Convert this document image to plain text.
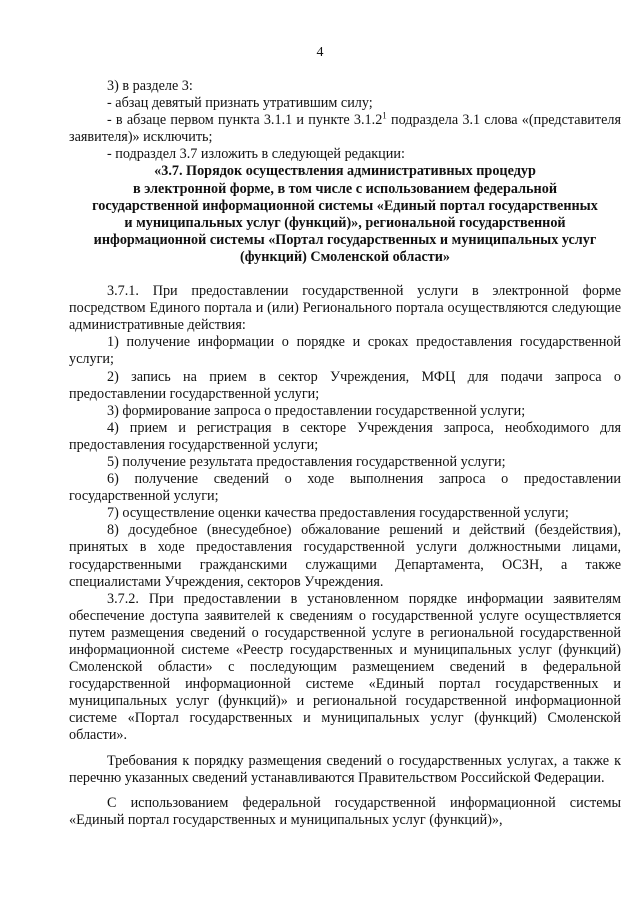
4

3) в разделе 3:

- абзац девятый признать утратившим силу;

- в абзаце первом пункта 3.1.1 и пункте 3.1.2$^1$ подраздела 3.1 слова «(представителя заявителя)» исключить;

- подраздел 3.7 изложить в следующей редакции:

«3.7. Порядок осуществления административных процедур

в электронной форме, в том числе с использованием федеральной

государственной информационной системы «Единый портал государственных

и муниципальных услуг (функций)», региональной государственной

информационной системы «Портал государственных и муниципальных услуг

(функций) Смоленской области»

3.7.1. При предоставлении государственной услуги в электронной форме посредством Единого портала и (или) Регионального портала осуществляются следующие административные действия:

1) получение информации о порядке и сроках предоставления государственной услуги;

2) запись на прием в сектор Учреждения, МФЦ для подачи запроса о предоставлении государственной услуги;

3) формирование запроса о предоставлении государственной услуги;

4) прием и регистрация в секторе Учреждения запроса, необходимого для предоставления государственной услуги;

5) получение результата предоставления государственной услуги;

6) получение сведений о ходе выполнения запроса о предоставлении государственной услуги;

7) осуществление оценки качества предоставления государственной услуги;

8) досудебное (внесудебное) обжалование решений и действий (бездействия), принятых в ходе предоставления государственной услуги должностными лицами, государственными гражданскими служащими Департамента, ОСЗН, а также специалистами Учреждения, секторов Учреждения.

3.7.2. При предоставлении в установленном порядке информации заявителям обеспечение доступа заявителей к сведениям о государственной услуге осуществляется путем размещения сведений о государственной услуге в региональной государственной информационной системе «Реестр государственных и муниципальных услуг (функций) Смоленской области» с последующим размещением сведений в федеральной государственной информационной системе «Единый портал государственных и муниципальных услуг (функций)» и региональной государственной информационной системе «Портал государственных и муниципальных услуг (функций) Смоленской области».

Требования к порядку размещения сведений о государственных услугах, а также к перечню указанных сведений устанавливаются Правительством Российской Федерации.

С использованием федеральной государственной информационной системы «Единый портал государственных и муниципальных услуг (функций)»,
